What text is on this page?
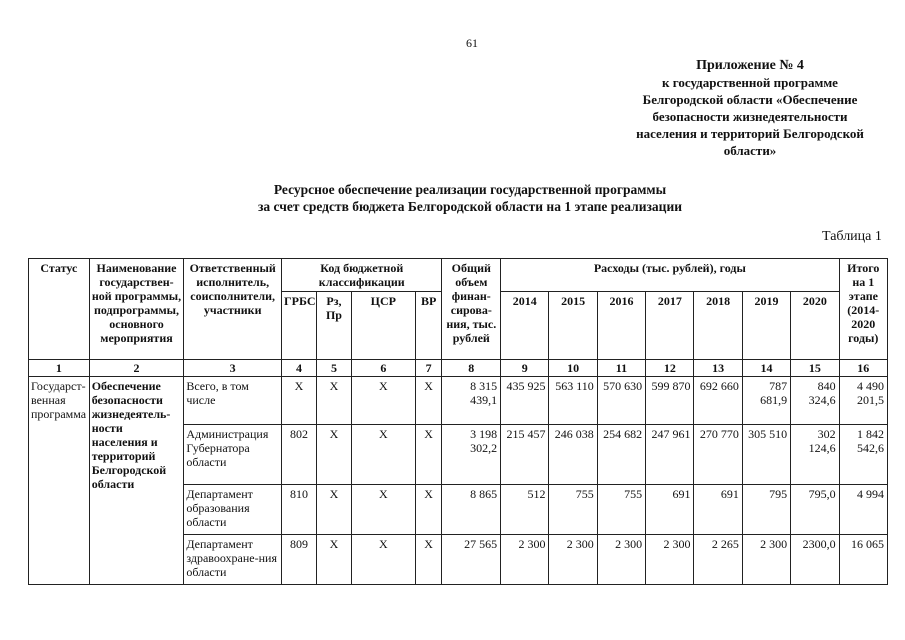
61
Приложение № 4
к государственной программе
Белгородской области «Обеспечение
безопасности жизнедеятельности
населения и территорий Белгородской
области»
Ресурсное обеспечение реализации государственной программы
за счет средств бюджета Белгородской области на 1 этапе реализации
Таблица 1
Статус	Наименование государствен-ной программы, подпрограммы, основного мероприятия	Ответственный исполнитель, соисполнители, участники	Код бюджетной классификации				Общий объем финан-сирова-ния, тыс. рублей	Расходы (тыс. рублей), годы							Итого на 1 этапе (2014-2020 годы)
			ГРБС	Рз, Пр	ЦСР	ВР		2014	2015	2016	2017	2018	2019	2020	
1	2	3	4	5	6	7	8	9	10	11	12	13	14	15	16
Государст-венная программа	Обеспечение безопасности жизнедеятель-ности населения и территорий Белгородской области	Всего, в том числе	Х	Х	Х	Х	8 315 439,1	435 925	563 110	570 630	599 870	692 660	787 681,9	840 324,6	4 490 201,5
		Администрация Губернатора области	802	Х	Х	Х	3 198 302,2	215 457	246 038	254 682	247 961	270 770	305 510	302 124,6	1 842 542,6
		Департамент образования области	810	Х	Х	Х	8 865	512	755	755	691	691	795	795,0	4 994
		Департамент здравоохране-ния области	809	Х	Х	Х	27 565	2 300	2 300	2 300	2 300	2 265	2 300	2300,0	16 065
